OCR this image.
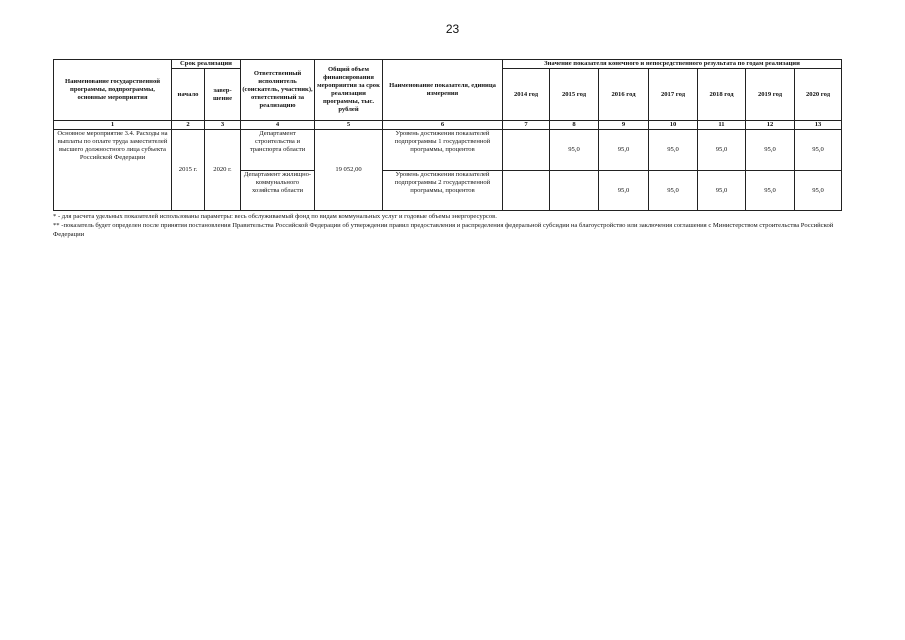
23
Наименование государственной программы, подпрограммы, основные мероприятия	Срок реализации		Ответственный исполнитель (соискатель, участник), ответственный за реализацию	Общий объем финансирования мероприятия за срок реализации программы, тыс. рублей	Наименование показателя, единица измерения	Значение показателя конечного и непосредственного результата по годам реализации						
	начало	завер-шение				2014 год	2015 год	2016 год	2017 год	2018 год	2019 год	2020 год
1	2	3	4	5	6	7	8	9	10	11	12	13
Основное мероприятие 3.4. Расходы на выплаты по оплате труда заместителей высшего должностного лица субъекта Российской Федерации	2015 г.	2020 г.	Департамент строительства и транспорта области	19 052,00	Уровень достижения показателей подпрограммы 1 государственной программы, процентов		95,0	95,0	95,0	95,0	95,0	95,0
			Департамент жилищно-коммунального хозяйства области		Уровень достижения показателей подпрограммы 2 государственной программы, процентов			95,0	95,0	95,0	95,0	95,0

* - для расчета удельных показателей использованы параметры: весь обслуживаемый фонд по видам коммунальных услуг и годовые объемы энергоресурсов.

** -показатель будет определен после принятия постановления Правительства Российской Федерации об утверждении правил предоставления и распределения федеральной субсидии на благоустройство или заключения соглашения с Министерством строительства Российской Федерации
